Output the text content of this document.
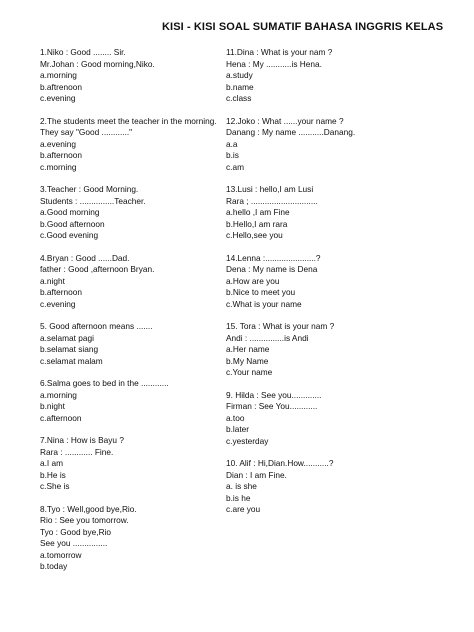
KISI - KISI SOAL SUMATIF BAHASA INGGRIS KELAS
1.Niko : Good ........ Sir.
Mr.Johan : Good morning,Niko.
a.morning
b.aftrenoon
c.evening
2.The students meet the teacher in the morning.
They say "Good ............"
a.evening
b.afternoon
c.morning
3.Teacher : Good Morning.
Students : ...............Teacher.
a.Good morning
b.Good afternoon
c.Good evening
4.Bryan : Good ......Dad.
father : Good ,afternoon Bryan.
a.night
b.afternoon
c.evening
5. Good afternoon means .......
a.selamat pagi
b.selamat siang
c.selamat malam
6.Salma goes to bed in the ............
a.morning
b.night
c.afternoon
7.Nina : How is Bayu ?
Rara : ............ Fine.
a.I am
b.He is
c.She is
8.Tyo : Well,good bye,Rio.
Rio : See you tomorrow.
Tyo : Good bye,Rio
See you ...............
a.tomorrow
b.today
11.Dina : What is your nam ?
Hena : My ...........is Hena.
a.study
b.name
c.class
12.Joko : What ......your name ?
Danang : My name ...........Danang.
a.a
b.is
c.am
13.Lusi : hello,I am Lusi
Rara ; .............................
a.hello ,I am Fine
b.Hello,I am rara
c.Hello,see you
14.Lenna :......................?
Dena : My name is Dena
a.How are you
b.Nice to meet you
c.What is your name
15. Tora : What is your nam ?
Andi : ...............is Andi
a.Her name
b.My Name
c.Your name
9. Hilda : See you.............
Firman : See You............
a.too
b.later
c.yesterday
10. Alif : Hi,Dian.How...........?
Dian : I am Fine.
a. is she
b.is he
c.are you
